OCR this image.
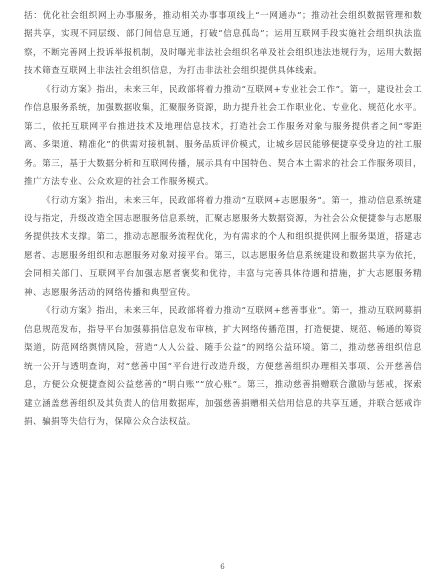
括：优化社会组织网上办事服务，推动相关办事事项线上“一网通办”；推动社会组织数据管理和数据共享，实现不同层级、部门间信息互通，打破“信息孤岛”；运用互联网手段实施社会组织执法监察，不断完善网上投诉举报机制，及时曝光非法社会组织名单及社会组织违法违规行为，运用大数据技术筛查互联网上非法社会组织信息，为打击非法社会组织提供具体线索。

《行动方案》指出，未来三年，民政部将着力推动“互联网+专业社会工作”。第一，建设社会工作信息服务系统，加强数据收集，汇聚服务资源，助力提升社会工作职业化、专业化、规范化水平。第二，依托互联网平台推进技术及地理信息技术，打造社会工作服务对象与服务提供者之间“零距离、多渠道、精准化”的供需对接机制、服务品质评价模式，让城乡居民能够便捷享受身边的社工服务。第三，基于大数据分析和互联网传播，展示具有中国特色、契合本土需求的社会工作服务项目，推广方法专业、公众欢迎的社会工作服务模式。

《行动方案》指出，未来三年，民政部将着力推动“互联网+志愿服务”。第一，推动信息系统建设与指定，升级改造全国志愿服务信息系统，汇聚志愿服务大数据资源，为社会公众便捷参与志愿服务提供技术支撑。第二，推动志愿服务流程优化，为有需求的个人和组织提供网上服务渠道，搭建志愿者、志愿服务组织和志愿服务对象对接平台。第三，以志愿服务信息系统建设和数据共享为依托，会同相关部门、互联网平台加强志愿者褒奖和优待，丰富与完善具体待遇和措施，扩大志愿服务精神、志愿服务活动的网络传播和典型宣传。

《行动方案》指出，未来三年，民政部将着力推动“互联网+慈善事业”。第一，推动互联网募捐信息规范发布，指导平台加强募捐信息发布审核，扩大网络传播范围，打造便捷、规范、畅通的筹资渠道，防范网络舆情风险，营造“人人公益、随手公益”的网络公益环境。第二，推动慈善组织信息统一公开与透明查询，对“慈善中国”平台进行改造升级，方便慈善组织办理相关事项、公开慈善信息，方便公众便捷查阅公益慈善的“明白账”“放心账”。第三，推动慈善捐赠联合激励与惩戒，探索建立涵盖慈善组织及其负责人的信用数据库，加强慈善捐赠相关信用信息的共享互通，并联合惩戒诈捐、骗捐等失信行为，保障公众合法权益。

6
